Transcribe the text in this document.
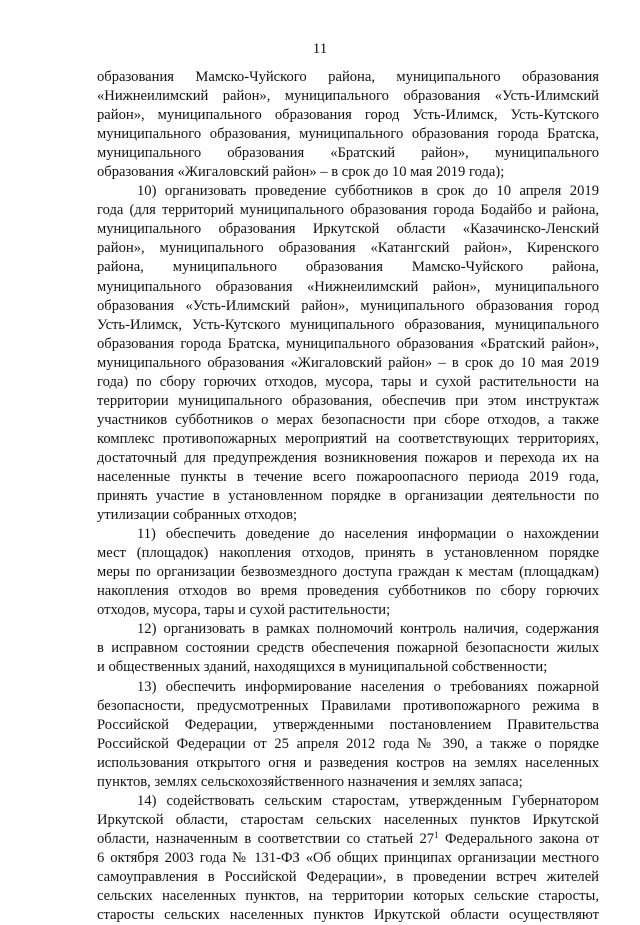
11
образования Мамско-Чуйского района, муниципального образования
«Нижнеилимский район», муниципального образования «Усть-Илимский
район», муниципального образования город Усть-Илимск, Усть-Кутского
муниципального образования, муниципального образования города Братска,
муниципального образования «Братский район», муниципального
образования «Жигаловский район» – в срок до 10 мая 2019 года);
10) организовать проведение субботников в срок до 10 апреля 2019
года (для территорий муниципального образования города Бодайбо и района,
муниципального образования Иркутской области «Казачинско-Ленский
район», муниципального образования «Катангский район», Киренского
района, муниципального образования Мамско-Чуйского района,
муниципального образования «Нижнеилимский район», муниципального
образования «Усть-Илимский район», муниципального образования город
Усть-Илимск, Усть-Кутского муниципального образования, муниципального
образования города Братска, муниципального образования «Братский район»,
муниципального образования «Жигаловский район» – в срок до 10 мая 2019
года) по сбору горючих отходов, мусора, тары и сухой растительности на
территории муниципального образования, обеспечив при этом инструктаж
участников субботников о мерах безопасности при сборе отходов, а также
комплекс противопожарных мероприятий на соответствующих территориях,
достаточный для предупреждения возникновения пожаров и перехода их на
населенные пункты в течение всего пожароопасного периода 2019 года,
принять участие в установленном порядке в организации деятельности по
утилизации собранных отходов;
11) обеспечить доведение до населения информации о нахождении
мест (площадок) накопления отходов, принять в установленном порядке
меры по организации безвозмездного доступа граждан к местам (площадкам)
накопления отходов во время проведения субботников по сбору горючих
отходов, мусора, тары и сухой растительности;
12) организовать в рамках полномочий контроль наличия, содержания
в исправном состоянии средств обеспечения пожарной безопасности жилых
и общественных зданий, находящихся в муниципальной собственности;
13) обеспечить информирование населения о требованиях пожарной
безопасности, предусмотренных Правилами противопожарного режима в
Российской Федерации, утвержденными постановлением Правительства
Российской Федерации от 25 апреля 2012 года № 390, а также о порядке
использования открытого огня и разведения костров на землях населенных
пунктов, землях сельскохозяйственного назначения и землях запаса;
14) содействовать сельским старостам, утвержденным Губернатором
Иркутской области, старостам сельских населенных пунктов Иркутской
области, назначенным в соответствии со статьей $27^1$ Федерального закона от
6 октября 2003 года № 131-ФЗ «Об общих принципах организации местного
самоуправления в Российской Федерации», в проведении встреч жителей
сельских населенных пунктов, на территории которых сельские старосты,
старосты сельских населенных пунктов Иркутской области осуществляют
